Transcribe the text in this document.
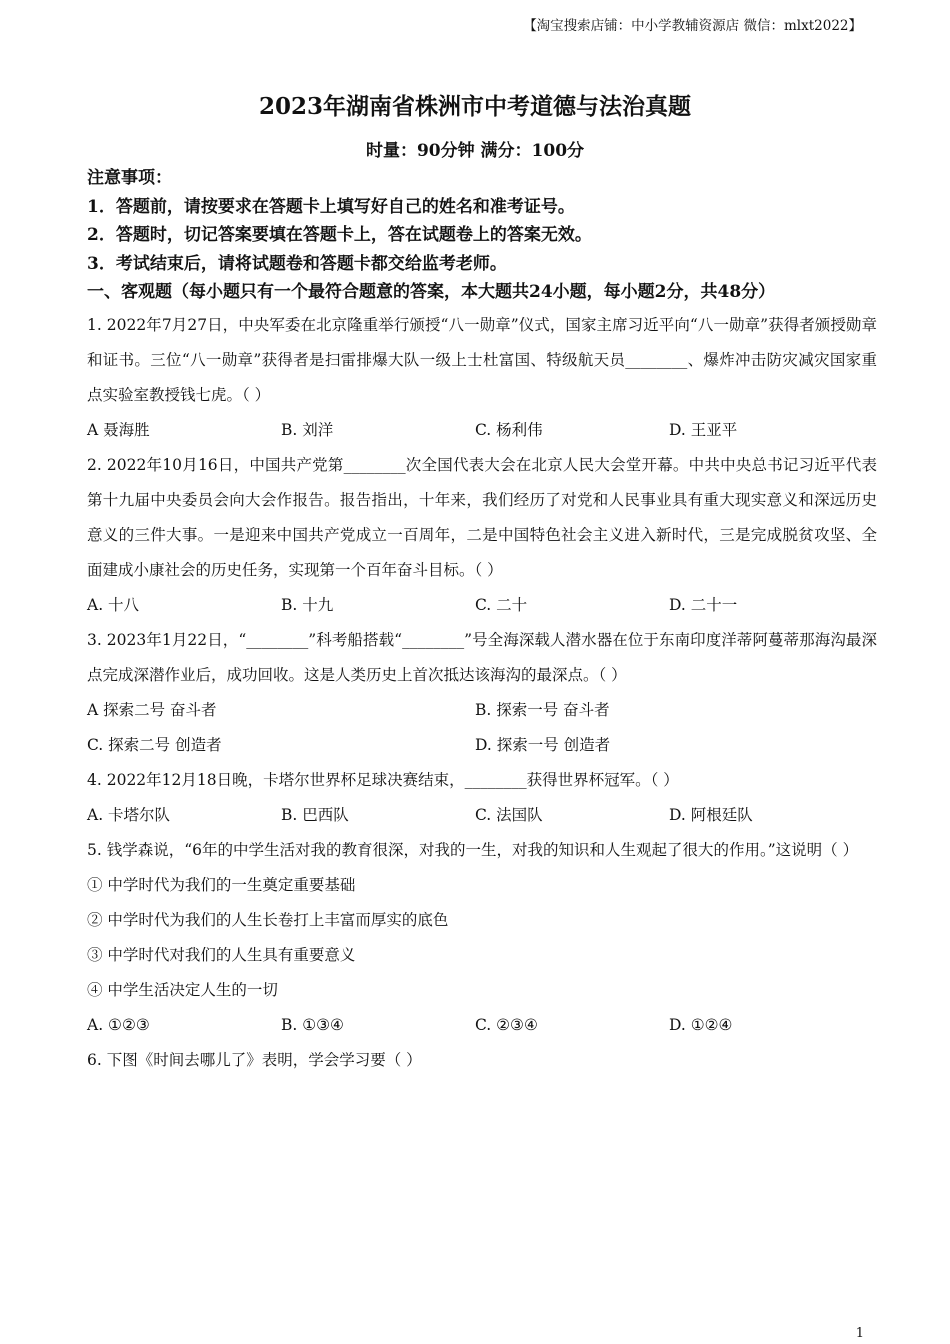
【淘宝搜索店铺：中小学教辅资源店 微信：mlxt2022】
2023年湖南省株洲市中考道德与法治真题
时量：90分钟 满分：100分
注意事项：
1．答题前，请按要求在答题卡上填写好自己的姓名和准考证号。
2．答题时，切记答案要填在答题卡上，答在试题卷上的答案无效。
3．考试结束后，请将试题卷和答题卡都交给监考老师。
一、客观题（每小题只有一个最符合题意的答案，本大题共24小题，每小题2分，共48分）
1. 2022年7月27日，中央军委在北京隆重举行颁授“八一勋章”仪式，国家主席习近平向“八一勋章”获得者颁授勋章和证书。三位“八一勋章”获得者是扫雷排爆大队一级上士杜富国、特级航天员________、爆炸冲击防灾减灾国家重点实验室教授钱七虎。（ ）
A 聂海胜	B. 刘洋	C. 杨利伟	D. 王亚平
2. 2022年10月16日，中国共产党第________次全国代表大会在北京人民大会堂开幕。中共中央总书记习近平代表第十九届中央委员会向大会作报告。报告指出，十年来，我们经历了对党和人民事业具有重大现实意义和深远历史意义的三件大事。一是迎来中国共产党成立一百周年，二是中国特色社会主义进入新时代，三是完成脱贫攻坚、全面建成小康社会的历史任务，实现第一个百年奋斗目标。（ ）
A. 十八	B. 十九	C. 二十	D. 二十一
3. 2023年1月22日，“________”科考船搭载“________”号全海深载人潜水器在位于东南印度洋蒂阿蔓蒂那海沟最深点完成深潜作业后，成功回收。这是人类历史上首次抵达该海沟的最深点。（ ）
A 探索二号 奋斗者	B. 探索一号 奋斗者
C. 探索二号 创造者	D. 探索一号 创造者
4. 2022年12月18日晚，卡塔尔世界杯足球决赛结束，________获得世界杯冠军。（ ）
A. 卡塔尔队	B. 巴西队	C. 法国队	D. 阿根廷队
5. 钱学森说，“6年的中学生活对我的教育很深，对我的一生，对我的知识和人生观起了很大的作用。”这说明（ ）
① 中学时代为我们的一生奠定重要基础
② 中学时代为我们的人生长卷打上丰富而厚实的底色
③ 中学时代对我们的人生具有重要意义
④ 中学生活决定人生的一切
A. ①②③	B. ①③④	C. ②③④	D. ①②④
6. 下图《时间去哪儿了》表明，学会学习要（ ）
1
